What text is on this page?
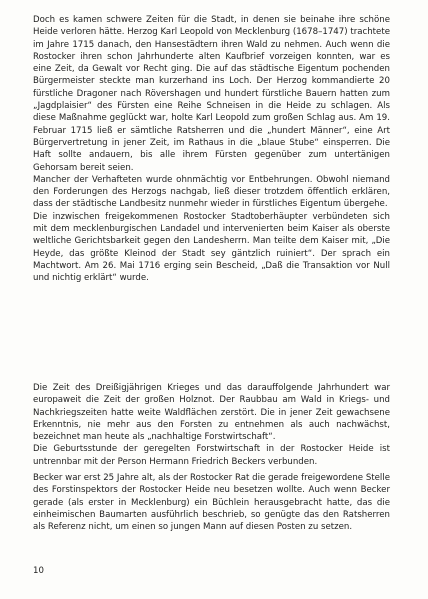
Doch es kamen schwere Zeiten für die Stadt, in denen sie beinahe ihre schöne Heide verloren hätte. Herzog Karl Leopold von Mecklenburg (1678–1747) trachtete im Jahre 1715 danach, den Hansestädtern ihren Wald zu nehmen. Auch wenn die Rostocker ihren schon Jahrhunderte alten Kaufbrief vorzeigen konnten, war es eine Zeit, da Gewalt vor Recht ging. Die auf das städtische Eigentum pochenden Bürgermeister steckte man kurzerhand ins Loch. Der Herzog kommandierte 20 fürstliche Dragoner nach Rövershagen und hundert fürstliche Bauern hatten zum „Jagdplaisier“ des Fürsten eine Reihe Schneisen in die Heide zu schlagen. Als diese Maßnahme geglückt war, holte Karl Leopold zum großen Schlag aus. Am 19. Februar 1715 ließ er sämtliche Ratsherren und die „hundert Männer“, eine Art Bürgervertretung in jener Zeit, im Rathaus in die „blaue Stube“ einsperren. Die Haft sollte andauern, bis alle ihrem Fürsten gegenüber zum untertänigen Gehorsam bereit seien.

Mancher der Verhafteten wurde ohnmächtig vor Entbehrungen. Obwohl niemand den Forderungen des Herzogs nachgab, ließ dieser trotzdem öffentlich erklären, dass der städtische Landbesitz nunmehr wieder in fürstliches Eigentum übergehe.

Die inzwischen freigekommenen Rostocker Stadtoberhäupter verbündeten sich mit dem mecklenburgischen Landadel und intervenierten beim Kaiser als oberste weltliche Gerichtsbarkeit gegen den Landesherrn. Man teilte dem Kaiser mit, „Die Heyde, das größte Kleinod der Stadt sey gäntzlich ruiniert“. Der sprach ein Machtwort. Am 26. Mai 1716 erging sein Bescheid, „Daß die Transaktion vor Null und nichtig erklärt“ wurde.

Die Zeit des Dreißigjährigen Krieges und das darauffolgende Jahrhundert war europaweit die Zeit der großen Holznot. Der Raubbau am Wald in Kriegs- und Nachkriegszeiten hatte weite Waldflächen zerstört. Die in jener Zeit gewachsene Erkenntnis, nie mehr aus den Forsten zu entnehmen als auch nachwächst, bezeichnet man heute als „nachhaltige Forstwirtschaft“.

Die Geburtsstunde der geregelten Forstwirtschaft in der Rostocker Heide ist untrennbar mit der Person Hermann Friedrich Beckers verbunden.

Becker war erst 25 Jahre alt, als der Rostocker Rat die gerade freigewordene Stelle des Forstinspektors der Rostocker Heide neu besetzen wollte. Auch wenn Becker gerade (als erster in Mecklenburg) ein Büchlein herausgebracht hatte, das die einheimischen Baumarten ausführlich beschrieb, so genügte das den Ratsherren als Referenz nicht, um einen so jungen Mann auf diesen Posten zu setzen.

10
